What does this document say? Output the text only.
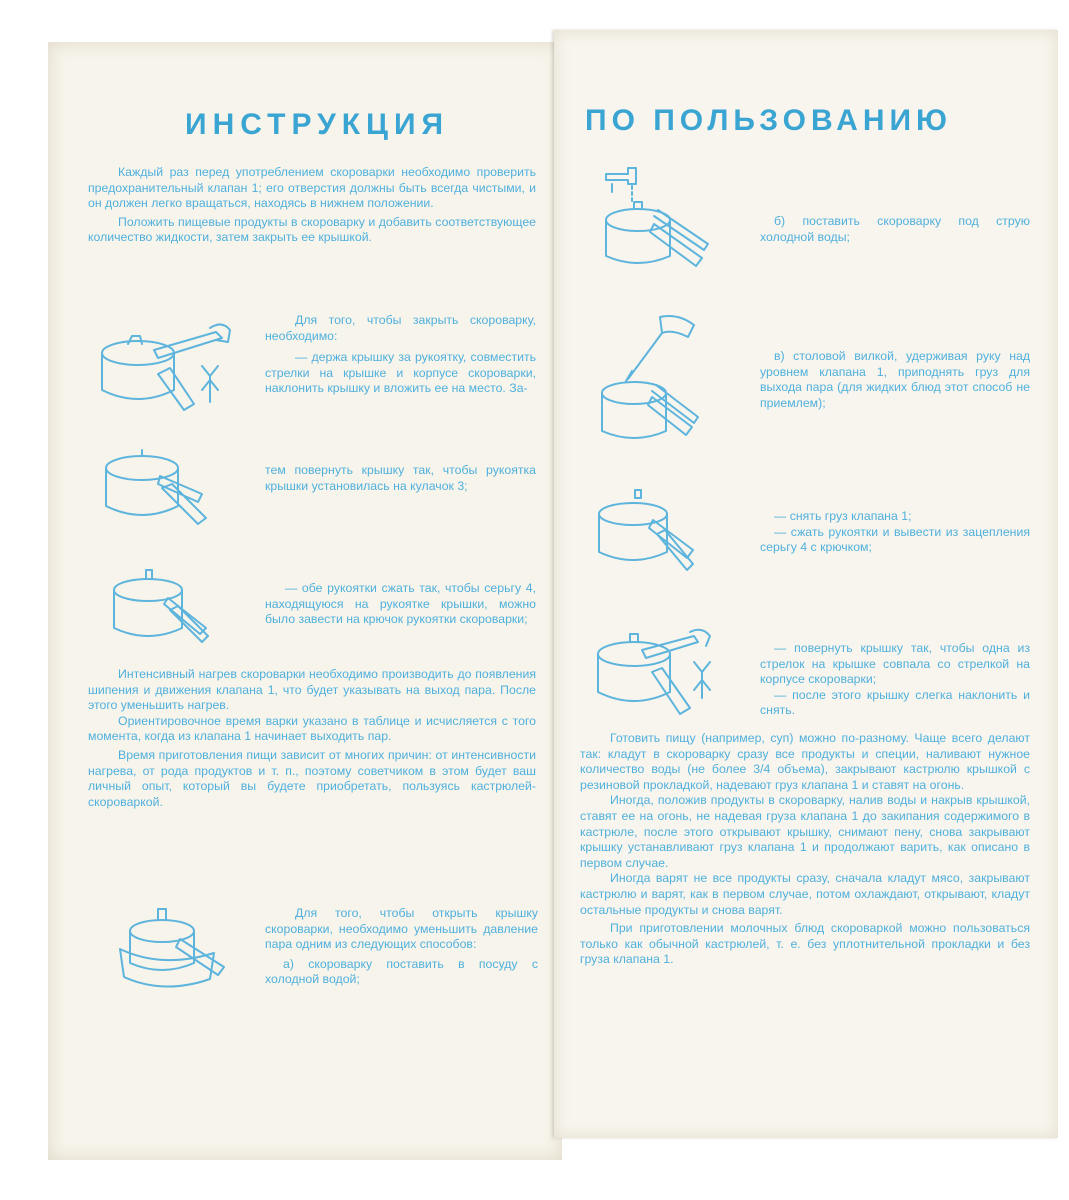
ИНСТРУКЦИЯ	ПО ПОЛЬЗОВАНИЮ

Каждый раз перед употреблением скороварки необходимо проверить предохранительный клапан 1; его отверстия должны быть всегда чистыми, и он должен легко вращаться, находясь в нижнем положении.

Положить пищевые продукты в скороварку и добавить соответствующее количество жидкости, затем закрыть ее крышкой.

Для того, чтобы закрыть скороварку, необходимо:

— держа крышку за рукоятку, совместить стрелки на крышке и корпусе скороварки, наклонить крышку и вложить ее на место. За-

тем повернуть крышку так, чтобы рукоятка крышки установилась на кулачок 3;
— обе рукоятки сжать так, чтобы серьгу 4, находящуюся на рукоятке крышки, можно было завести на крючок рукоятки скороварки;

Интенсивный нагрев скороварки необходимо производить до появления шипения и движения клапана 1, что будет указывать на выход пара. После этого уменьшить нагрев.

Ориентировочное время варки указано в таблице и исчисляется с того момента, когда из клапана 1 начинает выходить пар.

Время приготовления пищи зависит от многих причин: от интенсивности нагрева, от рода продуктов и т. п., поэтому советчиком в этом будет ваш личный опыт, который вы будете приобретать, пользуясь кастрюлей-скороваркой.

Для того, чтобы открыть крышку скороварки, необходимо уменьшить давление пара одним из следующих способов:

а) скороварку поставить в посуду с холодной водой;

б) поставить скороварку под струю холодной воды;
в) столовой вилкой, удерживая руку над уровнем клапана 1, приподнять груз для выхода пара (для жидких блюд этот способ не приемлем);

— снять груз клапана 1;

— сжать рукоятки и вывести из зацепления серьгу 4 с крючком;

— повернуть крышку так, чтобы одна из стрелок на крышке совпала со стрелкой на корпусе скороварки;

— после этого крышку слегка наклонить и снять.

Готовить пищу (например, суп) можно по-разному. Чаще всего делают так: кладут в скороварку сразу все продукты и специи, наливают нужное количество воды (не более 3/4 объема), закрывают кастрюлю крышкой с резиновой прокладкой, надевают груз клапана 1 и ставят на огонь.

Иногда, положив продукты в скороварку, налив воды и накрыв крышкой, ставят ее на огонь, не надевая груза клапана 1 до закипания содержимого в кастрюле, после этого открывают крышку, снимают пену, снова закрывают крышку устанавливают груз клапана 1 и продолжают варить, как описано в первом случае.

Иногда варят не все продукты сразу, сначала кладут мясо, закрывают кастрюлю и варят, как в первом случае, потом охлаждают, открывают, кладут остальные продукты и снова варят.

При приготовлении молочных блюд скороваркой можно пользоваться только как обычной кастрюлей, т. е. без уплотнительной прокладки и без груза клапана 1.
